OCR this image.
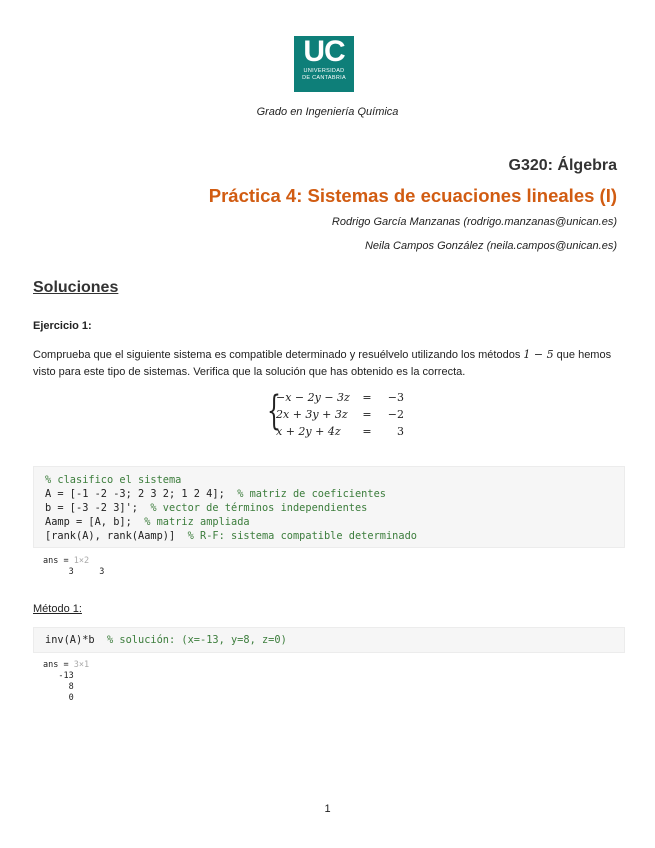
UC
UNIVERSIDAD
DE CANTABRIA
Grado en Ingeniería Química
G320: Álgebra
Práctica 4: Sistemas de ecuaciones lineales (I)
Rodrigo García Manzanas (rodrigo.manzanas@unican.es)
Neila Campos González (neila.campos@unican.es)
Soluciones
Ejercicio 1:
Comprueba que el siguiente sistema es compatible determinado y resuélvelo utilizando los métodos 1 − 5 que hemos visto para este tipo de sistemas. Verifica que la solución que has obtenido es la correcta.
{
−x − 2y − 3z = −3
2x + 3y + 3z = −2
x + 2y + 4z = 3
% clasifico el sistema
A = [-1 -2 -3; 2 3 2; 1 2 4];  % matriz de coeficientes
b = [-3 -2 3]';  % vector de términos independientes
Aamp = [A, b];  % matriz ampliada
[rank(A), rank(Aamp)]  % R-F: sistema compatible determinado
ans = 1×2
3     3
Método 1:
inv(A)*b  % solución: (x=-13, y=8, z=0)
ans = 3×1
-13
8
0
1
